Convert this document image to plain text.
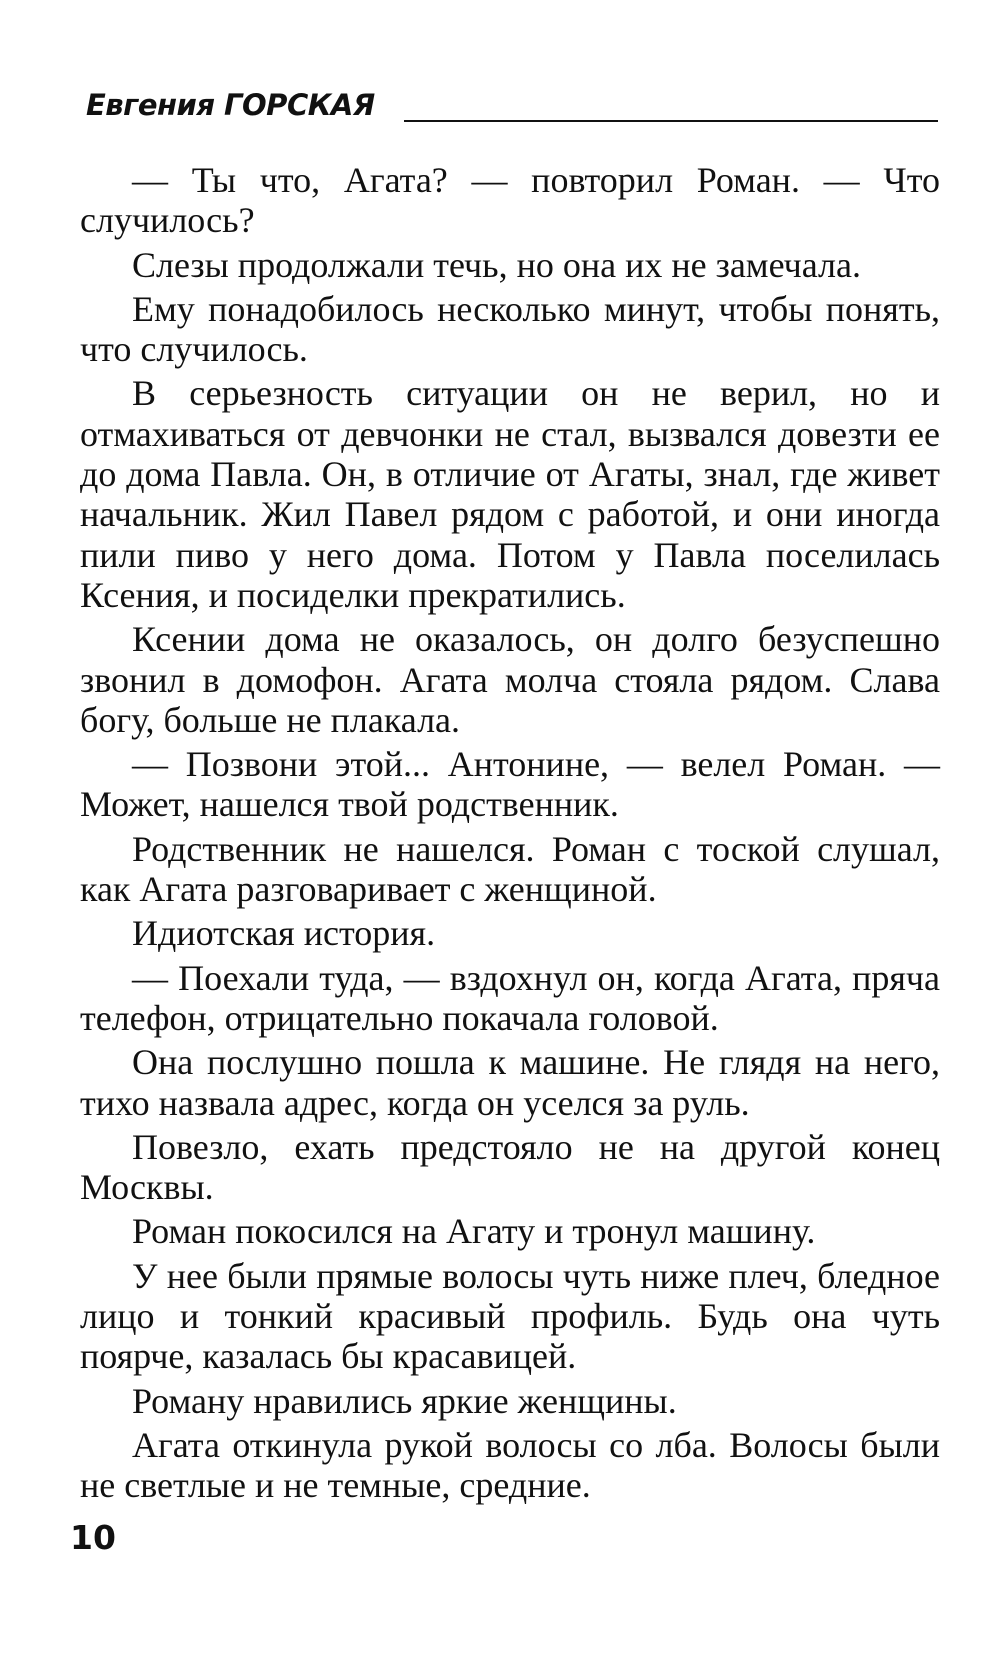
Евгения ГОРСКАЯ

— Ты что, Агата? — повторил Роман. — Что случилось?

Слезы продолжали течь, но она их не замечала.

Ему понадобилось несколько минут, чтобы понять, что случилось.

В серьезность ситуации он не верил, но и отмахиваться от девчонки не стал, вызвался довезти ее до дома Павла. Он, в отличие от Агаты, знал, где живет начальник. Жил Павел рядом с работой, и они иногда пили пиво у него дома. Потом у Павла поселилась Ксения, и посиделки прекратились.

Ксении дома не оказалось, он долго безуспешно звонил в домофон. Агата молча стояла рядом. Слава богу, больше не плакала.

— Позвони этой... Антонине, — велел Роман. — Может, нашелся твой родственник.

Родственник не нашелся. Роман с тоской слушал, как Агата разговаривает с женщиной.

Идиотская история.

— Поехали туда, — вздохнул он, когда Агата, пряча телефон, отрицательно покачала головой.

Она послушно пошла к машине. Не глядя на него, тихо назвала адрес, когда он уселся за руль.

Повезло, ехать предстояло не на другой конец Москвы.

Роман покосился на Агату и тронул машину.

У нее были прямые волосы чуть ниже плеч, бледное лицо и тонкий красивый профиль. Будь она чуть поярче, казалась бы красавицей.

Роману нравились яркие женщины.

Агата откинула рукой волосы со лба. Волосы были не светлые и не темные, средние.

10
